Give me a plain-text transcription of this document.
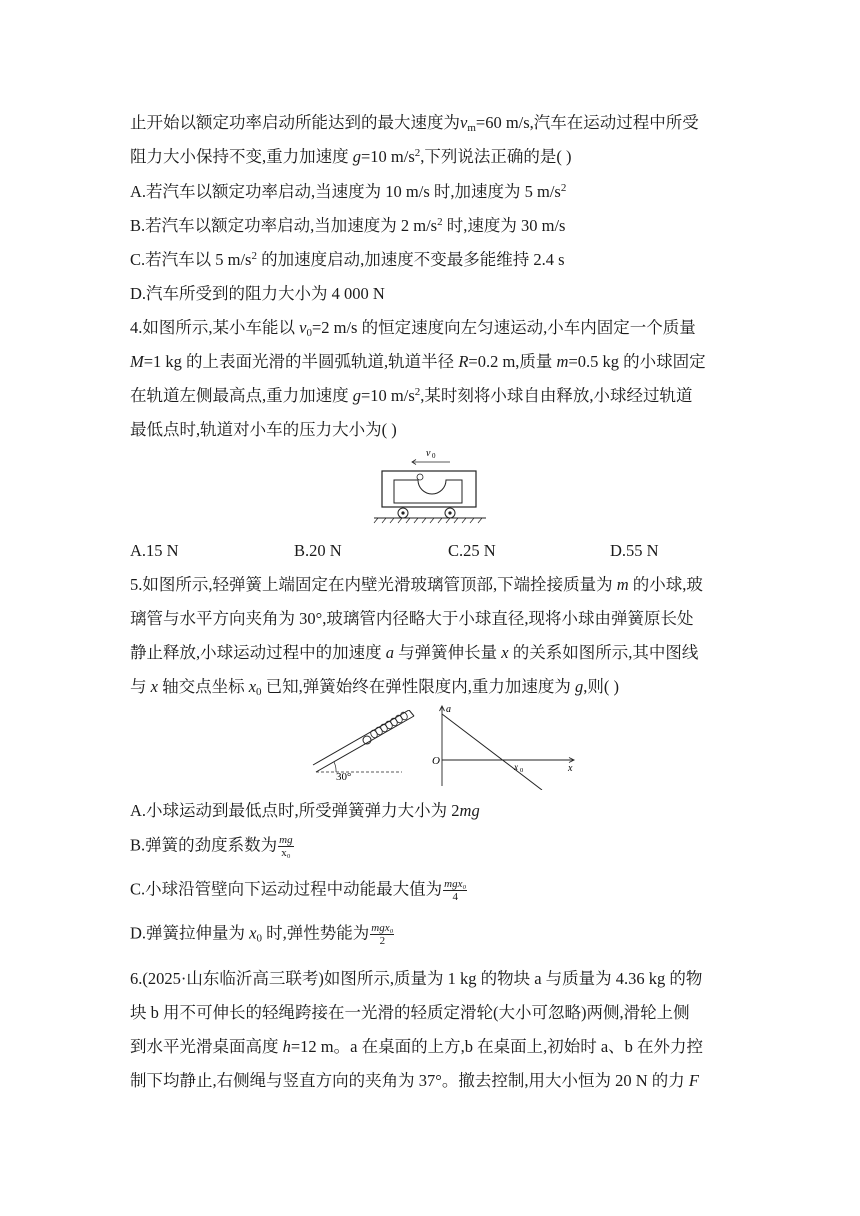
止开始以额定功率启动所能达到的最大速度为$v_m=60$ m/s,汽车在运动过程中所受
阻力大小保持不变,重力加速度 g=10 $m/s^2$,下列说法正确的是( )
A.若汽车以额定功率启动,当速度为 10 m/s 时,加速度为 5 $m/s^2$
B.若汽车以额定功率启动,当加速度为 2 $m/s^2$ 时,速度为 30 m/s
C.若汽车以 5 $m/s^2$ 的加速度启动,加速度不变最多能维持 2.4 s
D.汽车所受到的阻力大小为 4 000 N
4.如图所示,某小车能以 $v_0=2$ m/s 的恒定速度向左匀速运动,小车内固定一个质量
M=1 kg 的上表面光滑的半圆弧轨道,轨道半径 R=0.2 m,质量 m=0.5 kg 的小球固定
在轨道左侧最高点,重力加速度 g=10 $m/s^2$,某时刻将小球自由释放,小球经过轨道
最低点时,轨道对小车的压力大小为( )
v 0
A.15 N	B.20 N	C.25 N	D.55 N
5.如图所示,轻弹簧上端固定在内壁光滑玻璃管顶部,下端拴接质量为 m 的小球,玻
璃管与水平方向夹角为 30°,玻璃管内径略大于小球直径,现将小球由弹簧原长处
静止释放,小球运动过程中的加速度 a 与弹簧伸长量 x 的关系如图所示,其中图线
与 x 轴交点坐标 $x_0$ 已知,弹簧始终在弹性限度内,重力加速度为 g,则( )
30°
a
x
O	x 0
A.小球运动到最低点时,所受弹簧弹力大小为 2mg
B.弹簧的劲度系数为 $\frac{mg}{\text{x₀}}$
C.小球沿管壁向下运动过程中动能最大值为 $\frac{\text{mgx₀}}{4}$
D.弹簧拉伸量为 $x_0$ 时,弹性势能为 $\frac{\text{mgx₀}}{2}$
6.(2025·山东临沂高三联考)如图所示,质量为 1 kg 的物块 a 与质量为 4.36 kg 的物
块 b 用不可伸长的轻绳跨接在一光滑的轻质定滑轮(大小可忽略)两侧,滑轮上侧
到水平光滑桌面高度 h=12 m。a 在桌面的上方,b 在桌面上,初始时 a、b 在外力控
制下均静止,右侧绳与竖直方向的夹角为 37°。撤去控制,用大小恒为 20 N 的力 F
